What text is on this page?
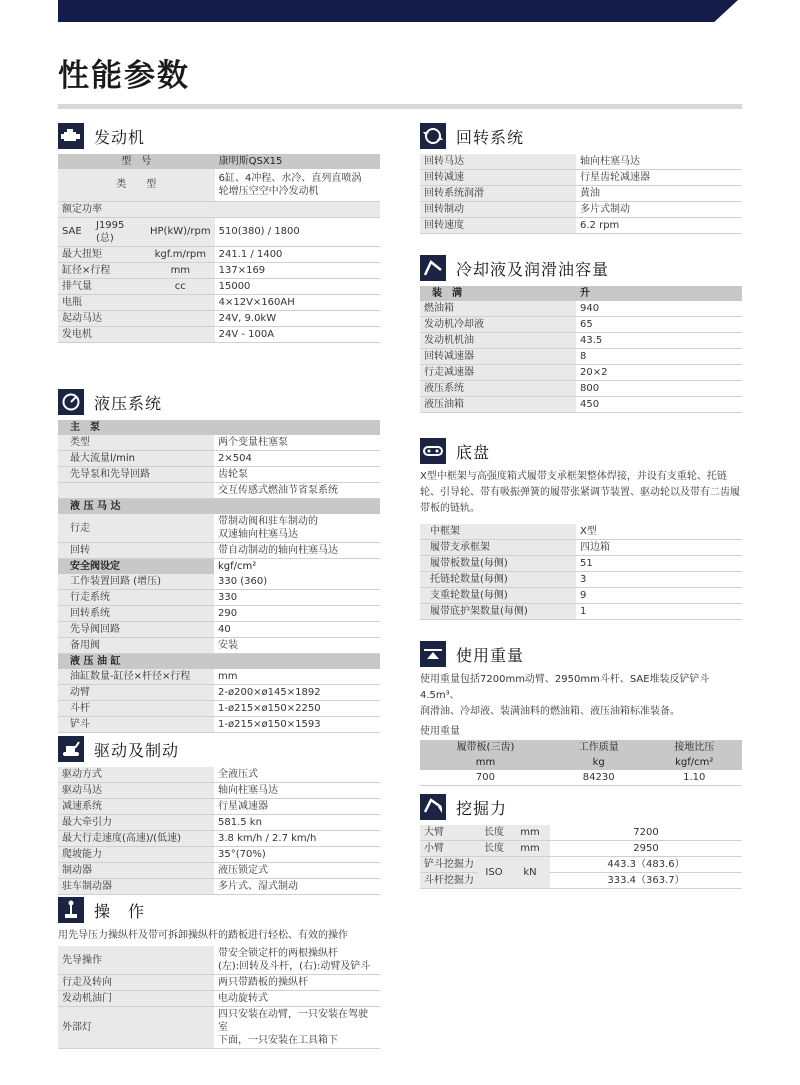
性能参数
发动机
型　号			康明斯QSX15
类　　型			6缸、4冲程、水冷、直列直喷涡
轮增压空空中冷发动机

额定功率			
SAE	J1995 (总)	HP(kW)/rpm	510(380) / 1800
最大扭矩		kgf.m/rpm	241.1 / 1400
缸径×行程		mm	137×169
排气量		cc	15000
电瓶			4×12V×160AH
起动马达			24V, 9.0kW
发电机			24V - 100A
液压系统
主　泵	
类型	两个变量柱塞泵
最大流量l/min	2×504
先导泵和先导回路	齿轮泵
	交互传感式燃油节省泵系统
液 压 马 达	
行走	带制动阀和驻车制动的
双速轴向柱塞马达

回转	带自动制动的轴向柱塞马达
安全阀设定	kgf/cm²
工作装置回路 (增压)	330 (360)
行走系统	330
回转系统	290
先导阀回路	40
备用阀	安装
液 压 油 缸	
油缸数量-缸径×杆径×行程	mm
动臂	2-ø200×ø145×1892
斗杆	1-ø215×ø150×2250
铲斗	1-ø215×ø150×1593
驱动及制动
驱动方式	全液压式
驱动马达	轴向柱塞马达
减速系统	行星减速器
最大牵引力	581.5 kn
最大行走速度(高速)/(低速)	3.8 km/h / 2.7 km/h
爬坡能力	35°(70%)
制动器	液压锁定式
驻车制动器	多片式、湿式制动
操　作
用先导压力操纵杆及带可拆卸操纵杆的踏板进行轻松、有效的操作
先导操作	带安全锁定杆的两根操纵杆
(左):回转及斗杆，(右):动臂及铲斗

行走及转向	两只带踏板的操纵杆
发动机油门	电动旋转式
外部灯	四只安装在动臂，一只安装在驾驶室
下面，一只安装在工具箱下
回转系统
回转马达	轴向柱塞马达
回转减速	行星齿轮减速器
回转系统润滑	黄油
回转制动	多片式制动
回转速度	6.2 rpm
冷却液及润滑油容量
装　满	升
燃油箱	940
发动机冷却液	65
发动机机油	43.5
回转减速器	8
行走减速器	20×2
液压系统	800
液压油箱	450
底盘
X型中框架与高强度箱式履带支承框架整体焊接，并设有支重轮、托链轮、引导轮、带有吸振弹簧的履带张紧调节装置、驱动轮以及带有二齿履带板的链轨。
中框架	X型
履带支承框架	四边箱
履带板数量(每侧)	51
托链轮数量(每侧)	3
支重轮数量(每侧)	9
履带底护架数量(每侧)	1
使用重量
使用重量包括7200mm动臂、2950mm斗杆、SAE堆装反铲铲斗4.5m³、
润滑油、冷却液、装满油料的燃油箱、液压油箱标准装备。
使用重量
履带板(三齿)	工作质量	接地比压
mm	kg	kgf/cm²
700	84230	1.10
挖掘力
大臂	长度	mm	7200
小臂	长度	mm	2950
铲斗挖掘力	ISO	kN	443.3（483.6）
斗杆挖掘力			333.4（363.7）
